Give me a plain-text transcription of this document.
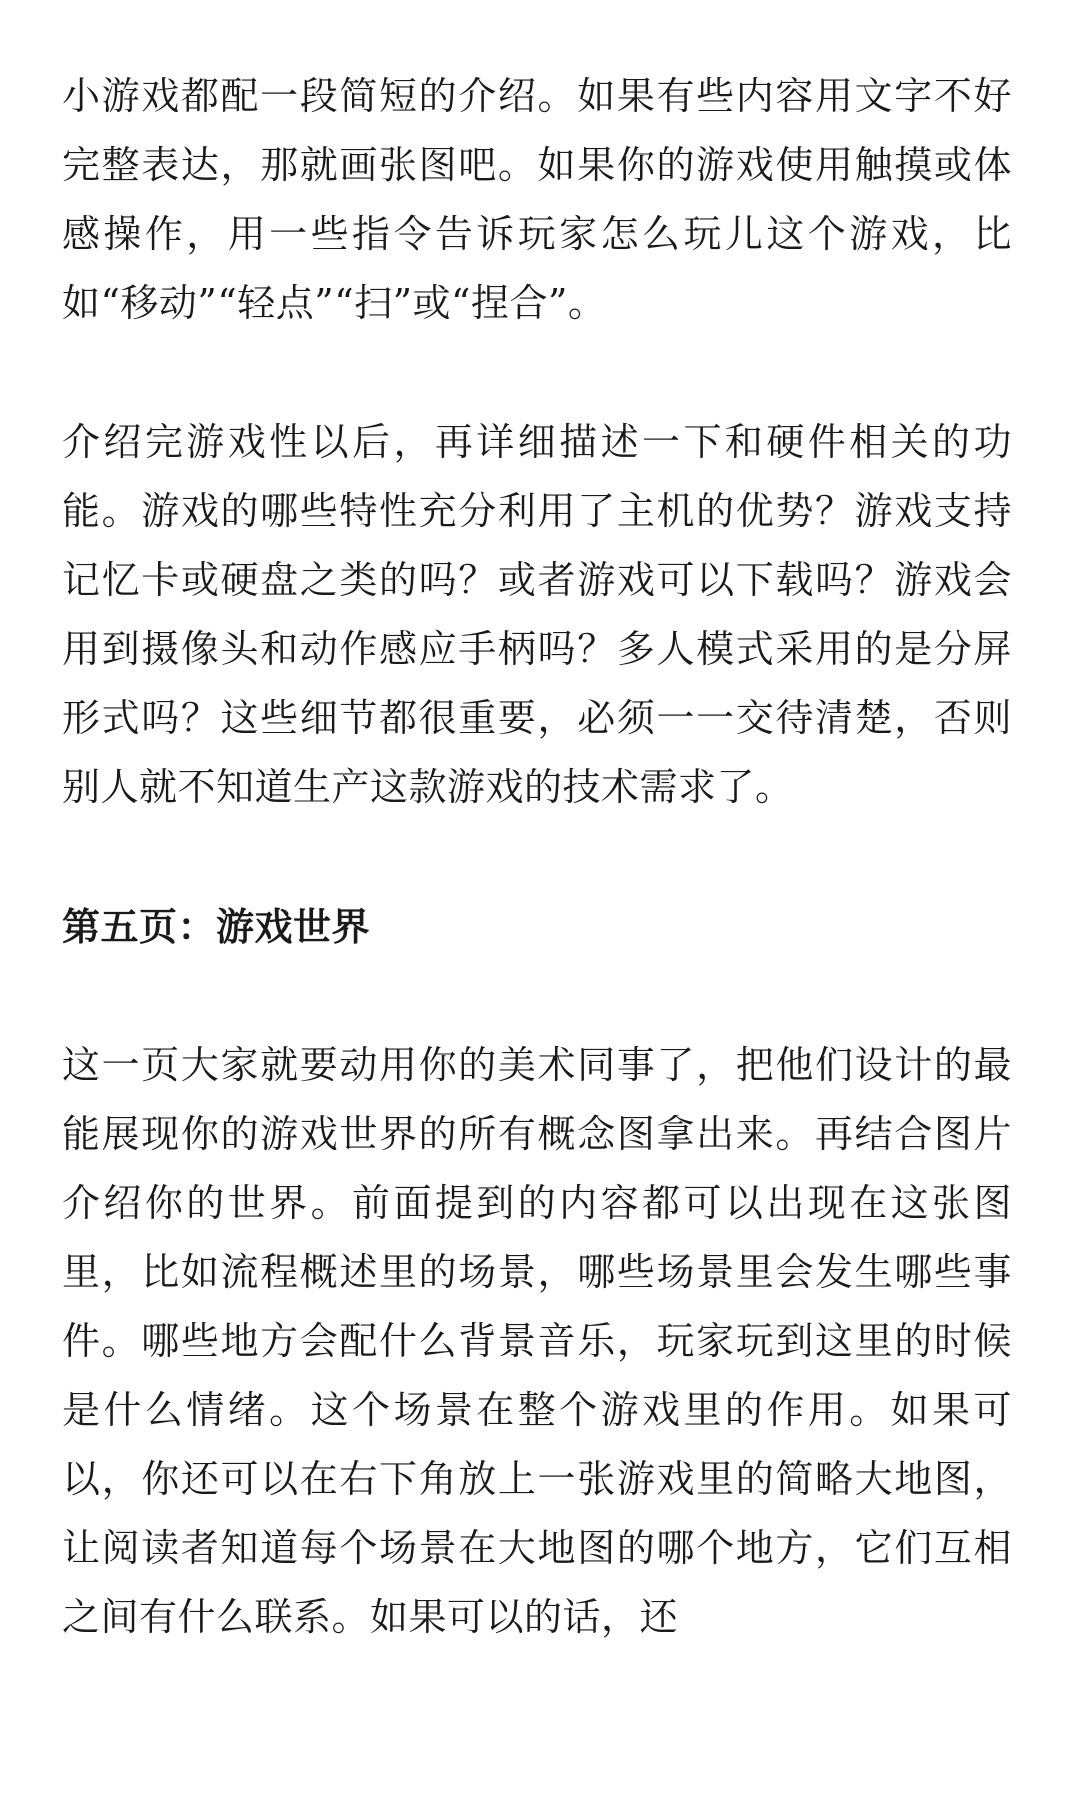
小游戏都配一段简短的介绍。如果有些内容用文字不好完整表达，那就画张图吧。如果你的游戏使用触摸或体感操作，用一些指令告诉玩家怎么玩儿这个游戏，比如“移动”“轻点”“扫”或“捏合”。

介绍完游戏性以后，再详细描述一下和硬件相关的功能。游戏的哪些特性充分利用了主机的优势？游戏支持记忆卡或硬盘之类的吗？或者游戏可以下载吗？游戏会用到摄像头和动作感应手柄吗？多人模式采用的是分屏形式吗？这些细节都很重要，必须一一交待清楚，否则别人就不知道生产这款游戏的技术需求了。

第五页：游戏世界

这一页大家就要动用你的美术同事了，把他们设计的最能展现你的游戏世界的所有概念图拿出来。再结合图片介绍你的世界。前面提到的内容都可以出现在这张图里，比如流程概述里的场景，哪些场景里会发生哪些事件。哪些地方会配什么背景音乐，玩家玩到这里的时候是什么情绪。这个场景在整个游戏里的作用。如果可以，你还可以在右下角放上一张游戏里的简略大地图，让阅读者知道每个场景在大地图的哪个地方，它们互相之间有什么联系。如果可以的话，还
